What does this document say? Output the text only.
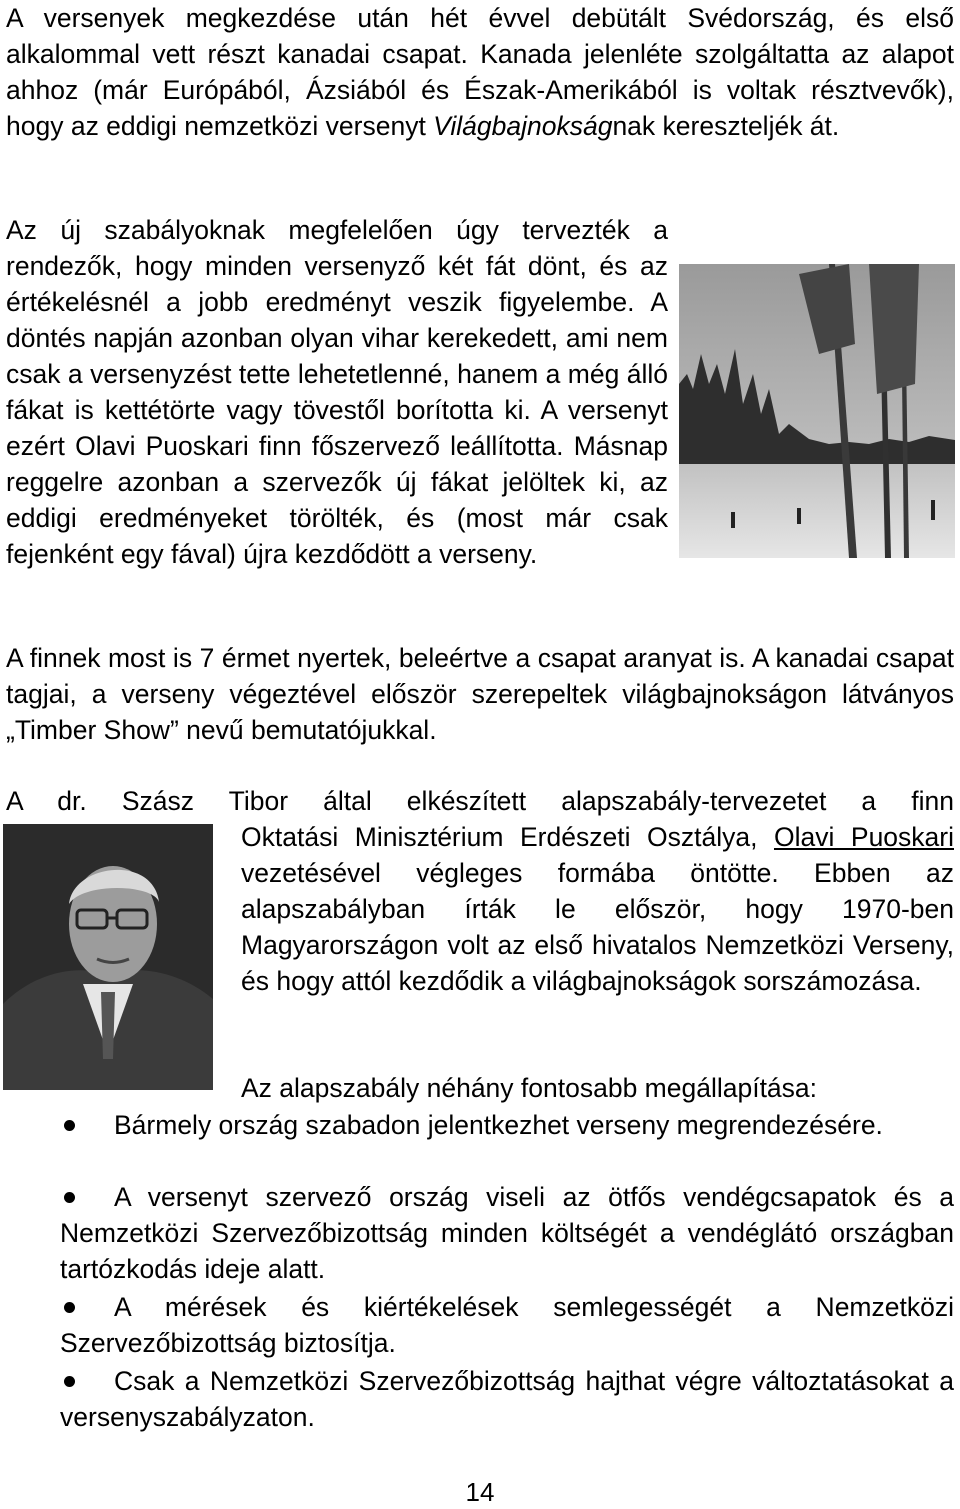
A versenyek megkezdése után hét évvel debütált Svédország, és első alkalommal vett részt kanadai csapat. Kanada jelenléte szolgáltatta az alapot ahhoz (már Európából, Ázsiából és Észak-Amerikából is voltak résztvevők), hogy az eddigi nemzetközi versenyt Világbajnokságnak kereszteljék át.

Az új szabályoknak megfelelően úgy tervezték a rendezők, hogy minden versenyző két fát dönt, és az értékelésnél a jobb eredményt veszik figyelembe. A döntés napján azonban olyan vihar kerekedett, ami nem csak a versenyzést tette lehetetlenné, hanem a még álló fákat is kettétörte vagy tövestől borította ki. A versenyt ezért Olavi Puoskari finn főszervező leállította. Másnap reggelre azonban a szervezők új fákat jelöltek ki, az eddigi eredményeket törölték, és (most már csak fejenként egy fával) újra kezdődött a verseny.

A finnek most is 7 érmet nyertek, beleértve a csapat aranyat is. A kanadai csapat tagjai, a verseny végeztével először szerepeltek világbajnokságon látványos „Timber Show” nevű bemutatójukkal.

A dr. Szász Tibor által elkészített alapszabály-tervezetet a finn

Oktatási Minisztérium Erdészeti Osztálya, Olavi Puoskari vezetésével végleges formába öntötte. Ebben az alapszabályban írták le először, hogy 1970-ben Magyarországon volt az első hivatalos Nemzetközi Verseny, és hogy attól kezdődik a világbajnokságok sorszámozása.

Az alapszabály néhány fontosabb megállapítása:

Bármely ország szabadon jelentkezhet verseny megrendezésére.
A versenyt szervező ország viseli az ötfős vendégcsapatok és a Nemzetközi Szervezőbizottság minden költségét a vendéglátó országban tartózkodás ideje alatt.
A mérések és kiértékelések semlegességét a Nemzetközi Szervezőbizottság biztosítja.
Csak a Nemzetközi Szervezőbizottság hajthat végre változtatásokat a versenyszabályzaton.
14
